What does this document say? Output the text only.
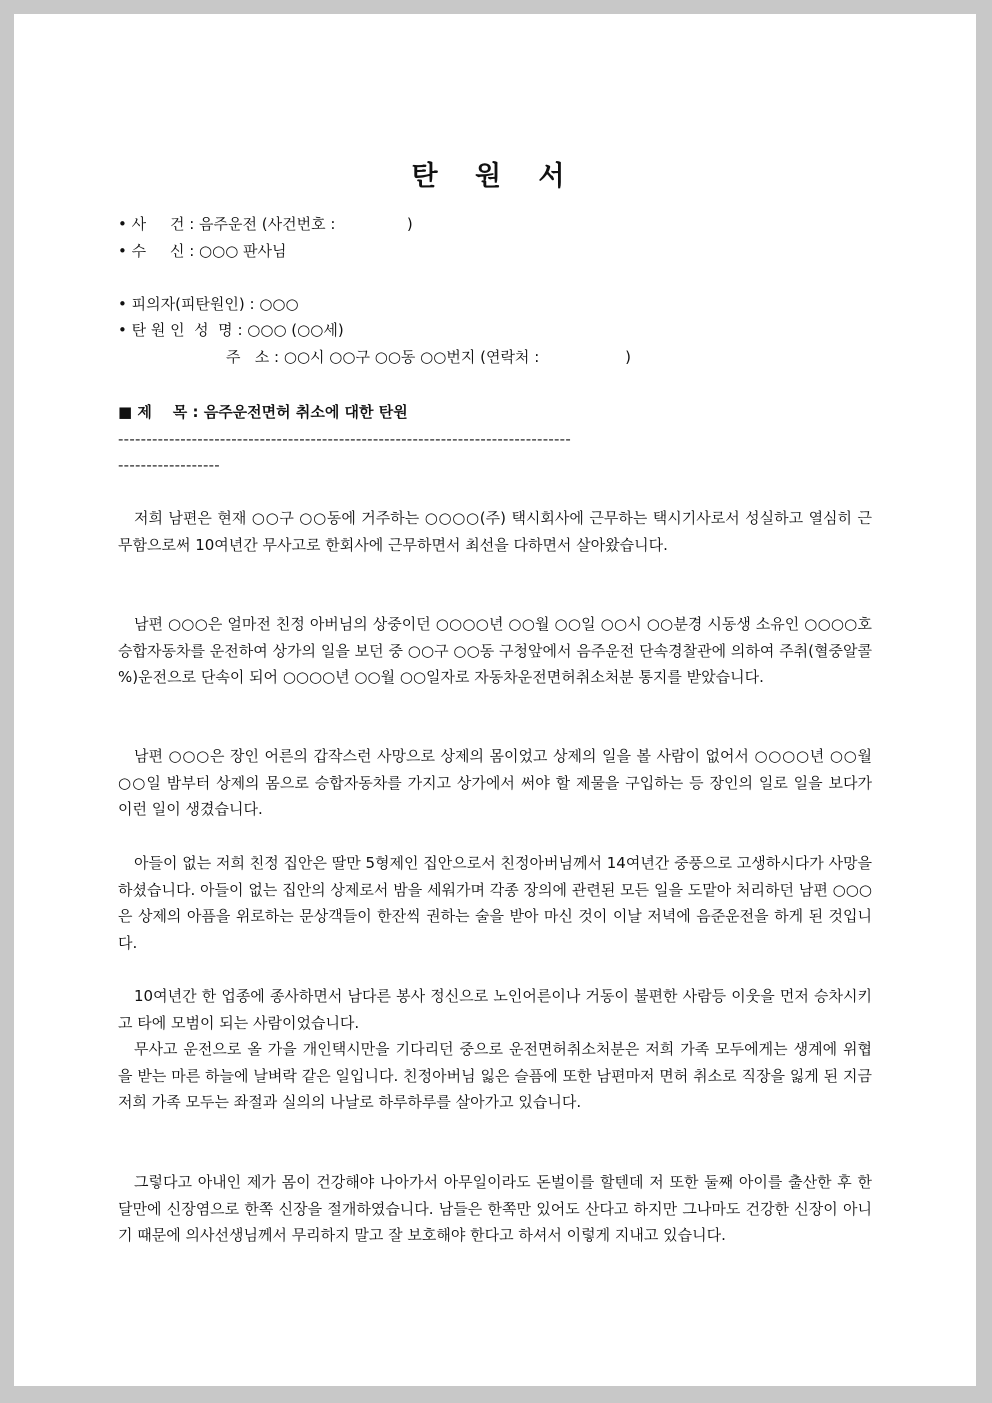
탄 원 서
• 사     건 : 음주운전 (사건번호 :               )
• 수     신 : ○○○ 판사님
• 피의자(피탄원인) : ○○○
• 탄 원 인  성  명 : ○○○ (○○세)
주   소 : ○○시 ○○구 ○○동 ○○번지 (연락처 :                  )
■ 제    목 : 음주운전면허 취소에 대한 탄원
--------------------------------------------------------------------------------
------------------

저희 남편은 현재 ○○구 ○○동에 거주하는 ○○○○(주) 택시회사에 근무하는 택시기사로서 성실하고 열심히 근무함으로써 10여년간 무사고로 한회사에 근무하면서 최선을 다하면서 살아왔습니다.

남편 ○○○은 얼마전 친정 아버님의 상중이던 ○○○○년 ○○월 ○○일 ○○시 ○○분경 시동생 소유인 ○○○○호 승합자동차를 운전하여 상가의 일을 보던 중 ○○구 ○○동 구청앞에서 음주운전 단속경찰관에 의하여 주취(혈중알콜 %)운전으로 단속이 되어 ○○○○년 ○○월 ○○일자로 자동차운전면허취소처분 통지를 받았습니다.

남편 ○○○은 장인 어른의 갑작스런 사망으로 상제의 몸이었고 상제의 일을 볼 사람이 없어서 ○○○○년 ○○월 ○○일 밤부터 상제의 몸으로 승합자동차를 가지고 상가에서 써야 할 제물을 구입하는 등 장인의 일로 일을 보다가 이런 일이 생겼습니다.

아들이 없는 저희 친정 집안은 딸만 5형제인 집안으로서 친정아버님께서 14여년간 중풍으로 고생하시다가 사망을 하셨습니다. 아들이 없는 집안의 상제로서 밤을 세워가며 각종 장의에 관련된 모든 일을 도맡아 처리하던 남편 ○○○은 상제의 아픔을 위로하는 문상객들이 한잔씩 권하는 술을 받아 마신 것이 이날 저녁에 음준운전을 하게 된 것입니다.

10여년간 한 업종에 종사하면서 남다른 봉사 정신으로 노인어른이나 거동이 불편한 사람등 이웃을 먼저 승차시키고 타에 모범이 되는 사람이었습니다.

무사고 운전으로 올 가을 개인택시만을 기다리던 중으로 운전면허취소처분은 저희 가족 모두에게는 생계에 위협을 받는 마른 하늘에 날벼락 같은 일입니다. 친정아버님 잃은 슬픔에 또한 남편마저 면허 취소로 직장을 잃게 된 지금 저희 가족 모두는 좌절과 실의의 나날로 하루하루를 살아가고 있습니다.

그렇다고 아내인 제가 몸이 건강해야 나아가서 아무일이라도 돈벌이를 할텐데 저 또한 둘째 아이를 출산한 후 한달만에 신장염으로 한쪽 신장을 절개하였습니다. 남들은 한쪽만 있어도 산다고 하지만 그나마도 건강한 신장이 아니기 때문에 의사선생님께서 무리하지 말고 잘 보호해야 한다고 하셔서 이렇게 지내고 있습니다.
